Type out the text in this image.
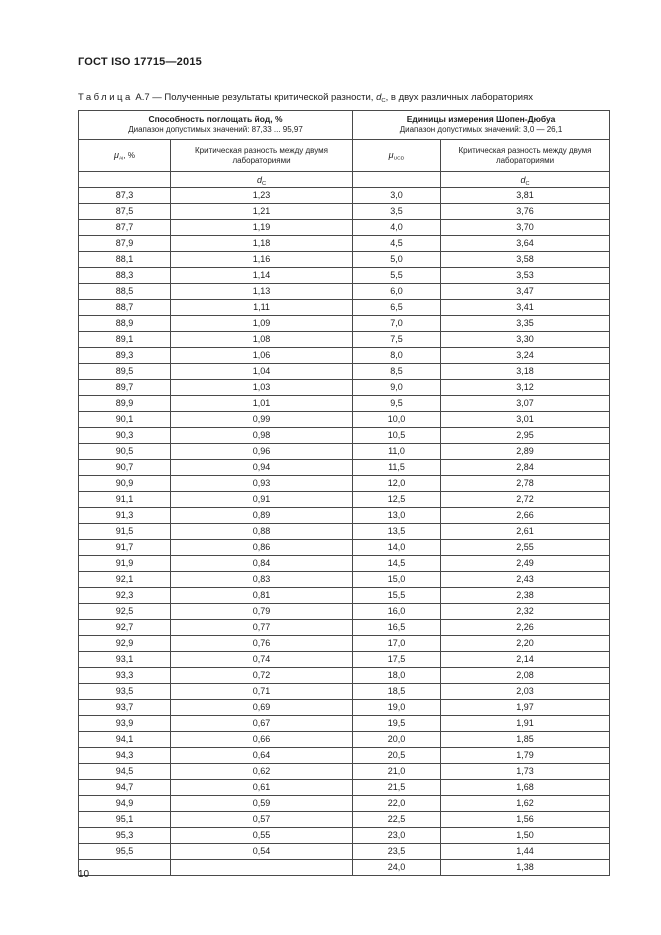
ГОСТ ISO 17715—2015

Таблица А.7 — Полученные результаты критической разности, $d_C$, в двух различных лабораториях

Способность поглощать йод, %
Диапазон допустимых значений: 87,33 ... 95,97

Единицы измерения Шопен-Дюбуа
Диапазон допустимых значений: 3,0 — 26,1

$\mu_{Ai}$, %	Критическая разность между двумя лабораториями	$\mu_{UCD}$	Критическая разность между двумя лабораториями
	$d_C$		$d_C$
87,3	1,23	3,0	3,81
87,5	1,21	3,5	3,76
87,7	1,19	4,0	3,70
87,9	1,18	4,5	3,64
88,1	1,16	5,0	3,58
88,3	1,14	5,5	3,53
88,5	1,13	6,0	3,47
88,7	1,11	6,5	3,41
88,9	1,09	7,0	3,35
89,1	1,08	7,5	3,30
89,3	1,06	8,0	3,24
89,5	1,04	8,5	3,18
89,7	1,03	9,0	3,12
89,9	1,01	9,5	3,07
90,1	0,99	10,0	3,01
90,3	0,98	10,5	2,95
90,5	0,96	11,0	2,89
90,7	0,94	11,5	2,84
90,9	0,93	12,0	2,78
91,1	0,91	12,5	2,72
91,3	0,89	13,0	2,66
91,5	0,88	13,5	2,61
91,7	0,86	14,0	2,55
91,9	0,84	14,5	2,49
92,1	0,83	15,0	2,43
92,3	0,81	15,5	2,38
92,5	0,79	16,0	2,32
92,7	0,77	16,5	2,26
92,9	0,76	17,0	2,20
93,1	0,74	17,5	2,14
93,3	0,72	18,0	2,08
93,5	0,71	18,5	2,03
93,7	0,69	19,0	1,97
93,9	0,67	19,5	1,91
94,1	0,66	20,0	1,85
94,3	0,64	20,5	1,79
94,5	0,62	21,0	1,73
94,7	0,61	21,5	1,68
94,9	0,59	22,0	1,62
95,1	0,57	22,5	1,56
95,3	0,55	23,0	1,50
95,5	0,54	23,5	1,44
		24,0	1,38
10
